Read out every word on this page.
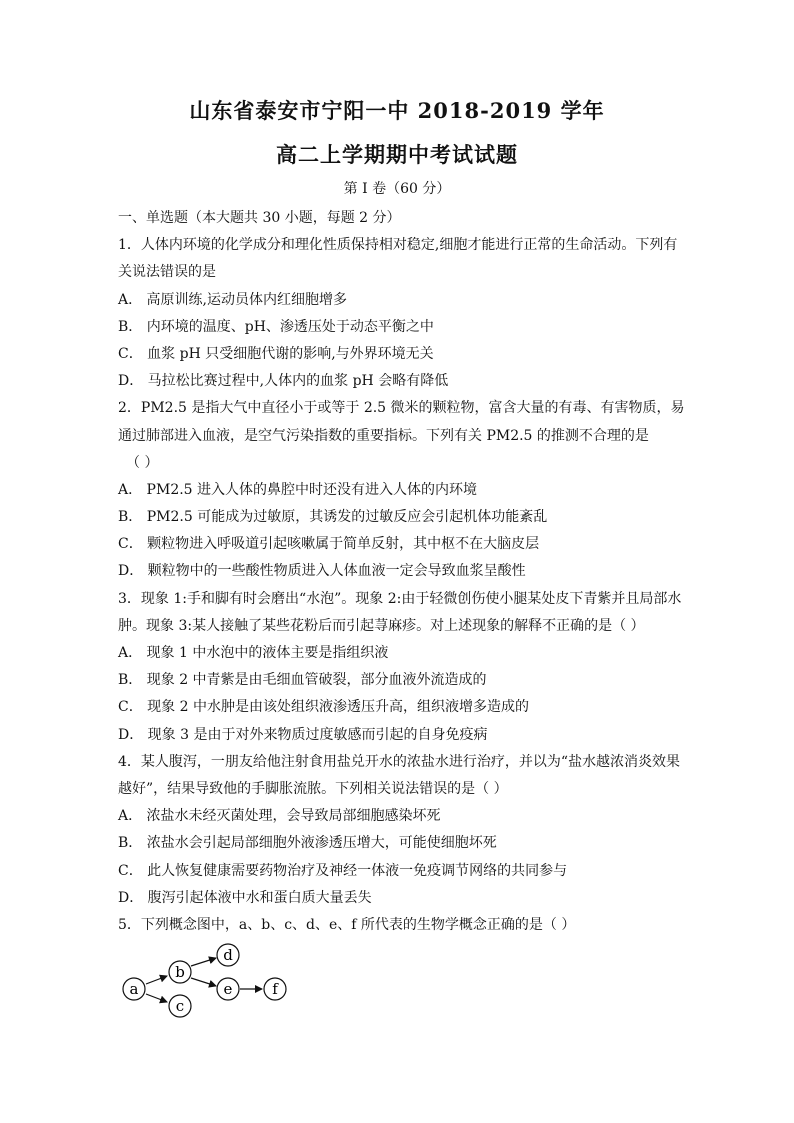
山东省泰安市宁阳一中 2018-2019 学年
高二上学期期中考试试题
第 I 卷（60 分）
一、单选题（本大题共 30 小题，每题 2 分）
1．人体内环境的化学成分和理化性质保持相对稳定,细胞才能进行正常的生命活动。下列有
关说法错误的是
A． 高原训练,运动员体内红细胞增多
B． 内环境的温度、pH、渗透压处于动态平衡之中
C． 血浆 pH 只受细胞代谢的影响,与外界环境无关
D． 马拉松比赛过程中,人体内的血浆 pH 会略有降低
2．PM2.5 是指大气中直径小于或等于 2.5 微米的颗粒物，富含大量的有毒、有害物质，易
通过肺部进入血液，是空气污染指数的重要指标。下列有关 PM2.5 的推测不合理的是
（ ）
A． PM2.5 进入人体的鼻腔中时还没有进入人体的内环境
B． PM2.5 可能成为过敏原，其诱发的过敏反应会引起机体功能紊乱
C． 颗粒物进入呼吸道引起咳嗽属于简单反射，其中枢不在大脑皮层
D． 颗粒物中的一些酸性物质进入人体血液一定会导致血浆呈酸性
3．现象 1:手和脚有时会磨出“水泡”。现象 2:由于轻微创伤使小腿某处皮下青紫并且局部水
肿。现象 3:某人接触了某些花粉后而引起荨麻疹。对上述现象的解释不正确的是（ ）
A． 现象 1 中水泡中的液体主要是指组织液
B． 现象 2 中青紫是由毛细血管破裂，部分血液外流造成的
C． 现象 2 中水肿是由该处组织液渗透压升高，组织液增多造成的
D． 现象 3 是由于对外来物质过度敏感而引起的自身免疫病
4．某人腹泻，一朋友给他注射食用盐兑开水的浓盐水进行治疗，并以为“盐水越浓消炎效果
越好”，结果导致他的手脚胀流脓。下列相关说法错误的是（ ）
A． 浓盐水未经灭菌处理，会导致局部细胞感染坏死
B． 浓盐水会引起局部细胞外液渗透压增大，可能使细胞坏死
C． 此人恢复健康需要药物治疗及神经一体液一免疫调节网络的共同参与
D． 腹泻引起体液中水和蛋白质大量丢失
5．下列概念图中，a、b、c、d、e、f 所代表的生物学概念正确的是（ ）
a
b
c
d
e	f
